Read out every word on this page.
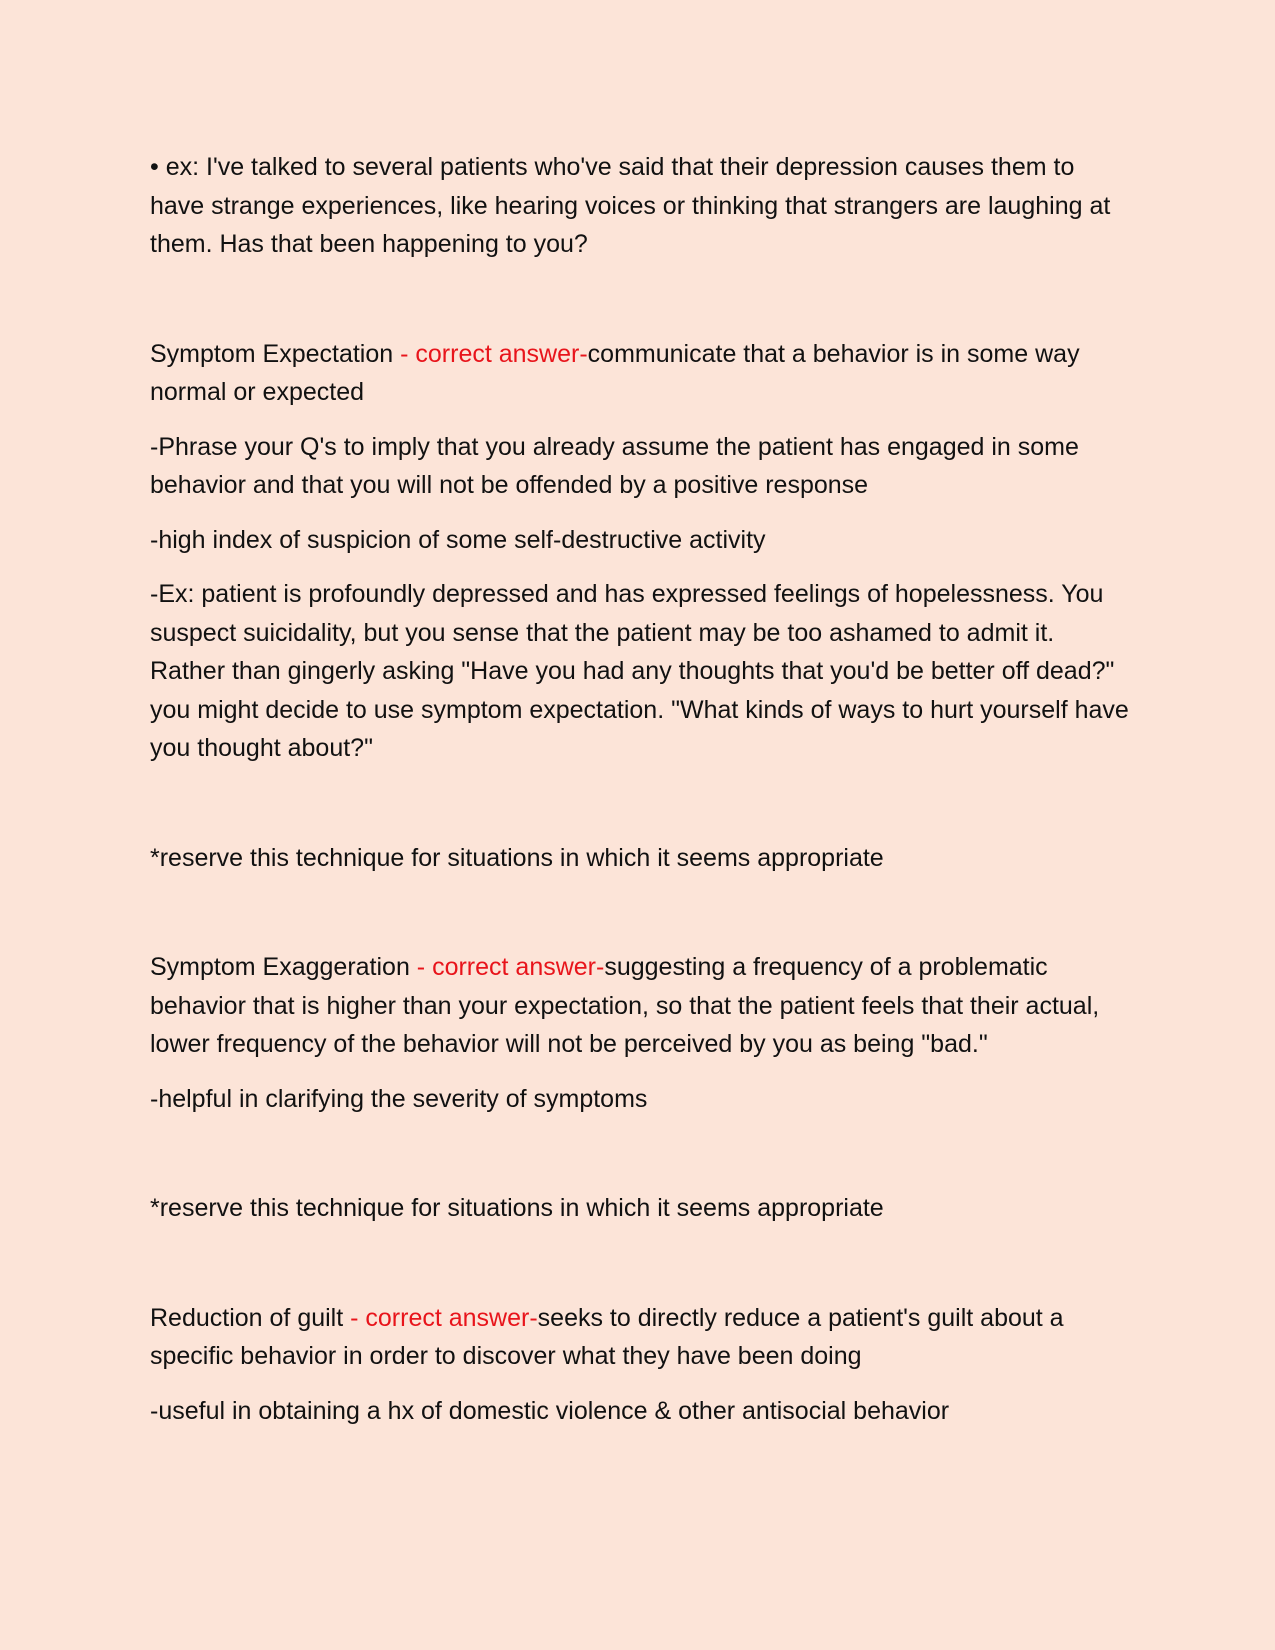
• ex: I've talked to several patients who've said that their depression causes them to have strange experiences, like hearing voices or thinking that strangers are laughing at them. Has that been happening to you?

Symptom Expectation - correct answer-communicate that a behavior is in some way normal or expected

-Phrase your Q's to imply that you already assume the patient has engaged in some behavior and that you will not be offended by a positive response

-high index of suspicion of some self-destructive activity

-Ex: patient is profoundly depressed and has expressed feelings of hopelessness. You suspect suicidality, but you sense that the patient may be too ashamed to admit it. Rather than gingerly asking "Have you had any thoughts that you'd be better off dead?" you might decide to use symptom expectation. "What kinds of ways to hurt yourself have you thought about?"

*reserve this technique for situations in which it seems appropriate

Symptom Exaggeration - correct answer-suggesting a frequency of a problematic behavior that is higher than your expectation, so that the patient feels that their actual, lower frequency of the behavior will not be perceived by you as being "bad."

-helpful in clarifying the severity of symptoms

*reserve this technique for situations in which it seems appropriate

Reduction of guilt - correct answer-seeks to directly reduce a patient's guilt about a specific behavior in order to discover what they have been doing

-useful in obtaining a hx of domestic violence & other antisocial behavior
